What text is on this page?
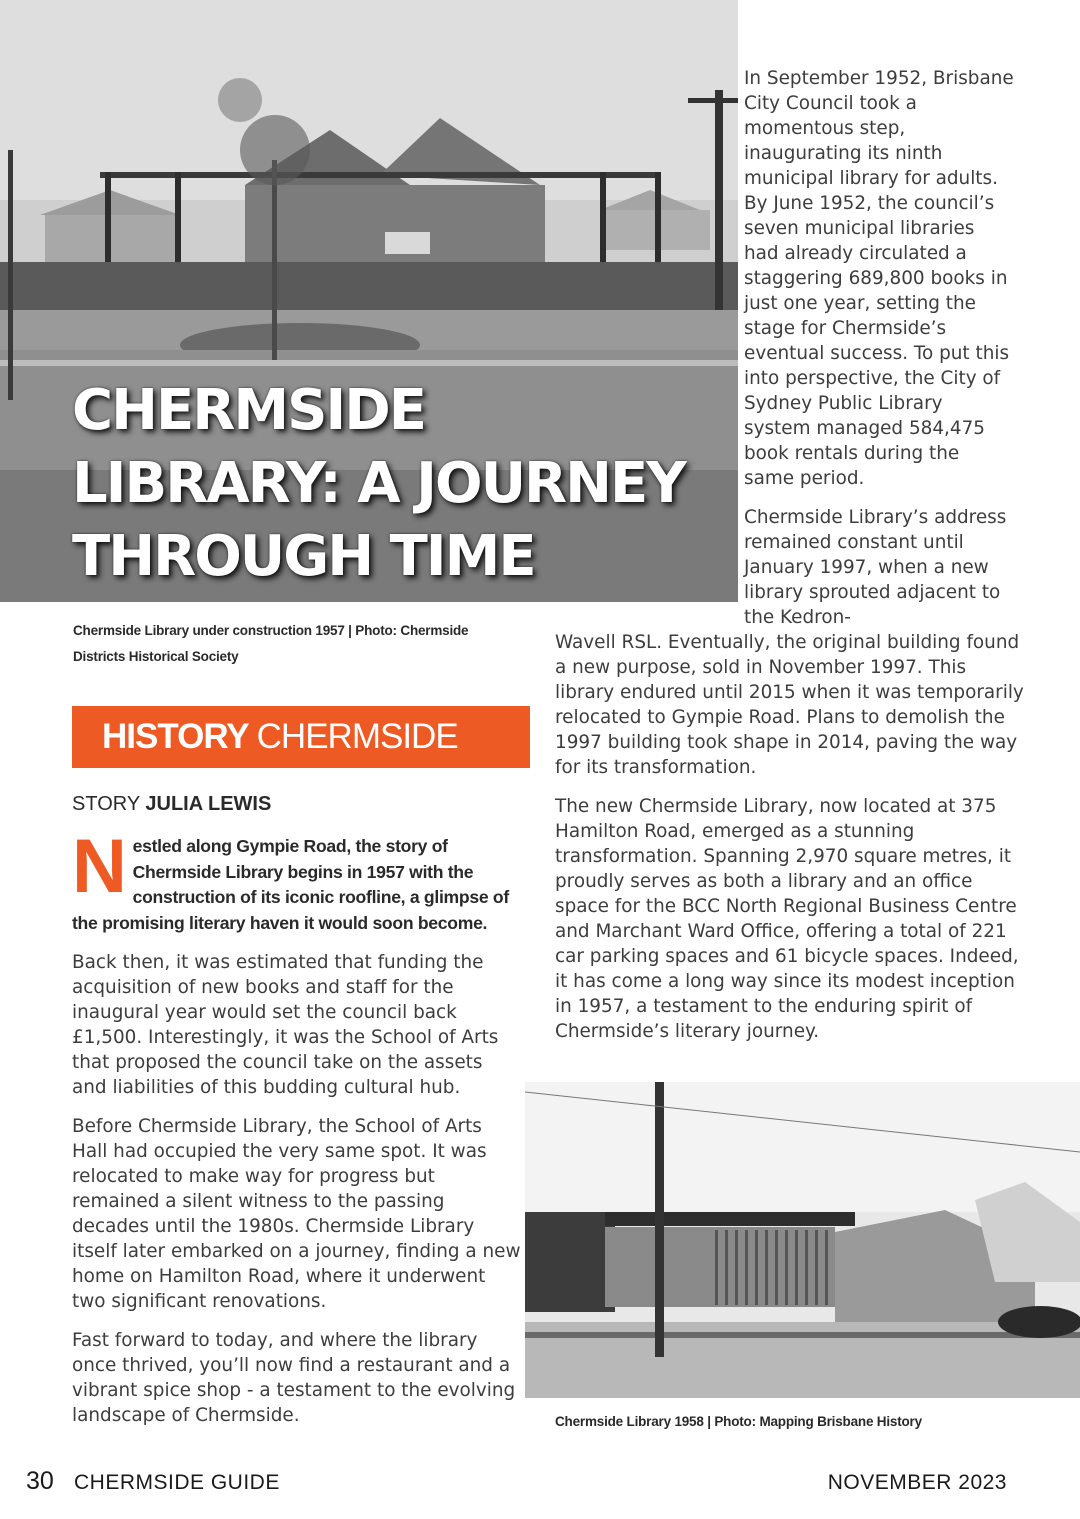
CHERMSIDE
LIBRARY: A JOURNEY
THROUGH TIME

In September 1952, Brisbane City Council took a momentous step, inaugurating its ninth municipal library for adults. By June 1952, the council’s seven municipal libraries had already circulated a staggering 689,800 books in just one year, setting the stage for Chermside’s eventual success. To put this into perspective, the City of Sydney Public Library system managed 584,475 book rentals during the same period.

Chermside Library’s address remained constant until January 1997, when a new library sprouted adjacent to the Kedron-

Chermside Library under construction 1957 | Photo: Chermside
Districts Historical Society

Wavell RSL. Eventually, the original building found a new purpose, sold in November 1997. This library endured until 2015 when it was temporarily relocated to Gympie Road. Plans to demolish the 1997 building took shape in 2014, paving the way for its transformation.

The new Chermside Library, now located at 375 Hamilton Road, emerged as a stunning transformation. Spanning 2,970 square metres, it proudly serves as both a library and an office space for the BCC North Regional Business Centre and Marchant Ward Office, offering a total of 221 car parking spaces and 61 bicycle spaces. Indeed, it has come a long way since its modest inception in 1957, a testament to the enduring spirit of Chermside’s literary journey.

HISTORY CHERMSIDE
STORY JULIA LEWIS

N estled along Gympie Road, the story of Chermside Library begins in 1957 with the construction of its iconic roofline, a glimpse of the promising literary haven it would soon become.

Back then, it was estimated that funding the acquisition of new books and staff for the inaugural year would set the council back £1,500. Interestingly, it was the School of Arts that proposed the council take on the assets and liabilities of this budding cultural hub.

Before Chermside Library, the School of Arts Hall had occupied the very same spot. It was relocated to make way for progress but remained a silent witness to the passing decades until the 1980s. Chermside Library itself later embarked on a journey, finding a new home on Hamilton Road, where it underwent two significant renovations.

Fast forward to today, and where the library once thrived, you’ll now find a restaurant and a vibrant spice shop - a testament to the evolving landscape of Chermside.	Chermside Library 1958 | Photo: Mapping Brisbane History
30 CHERMSIDE GUIDE	NOVEMBER 2023
